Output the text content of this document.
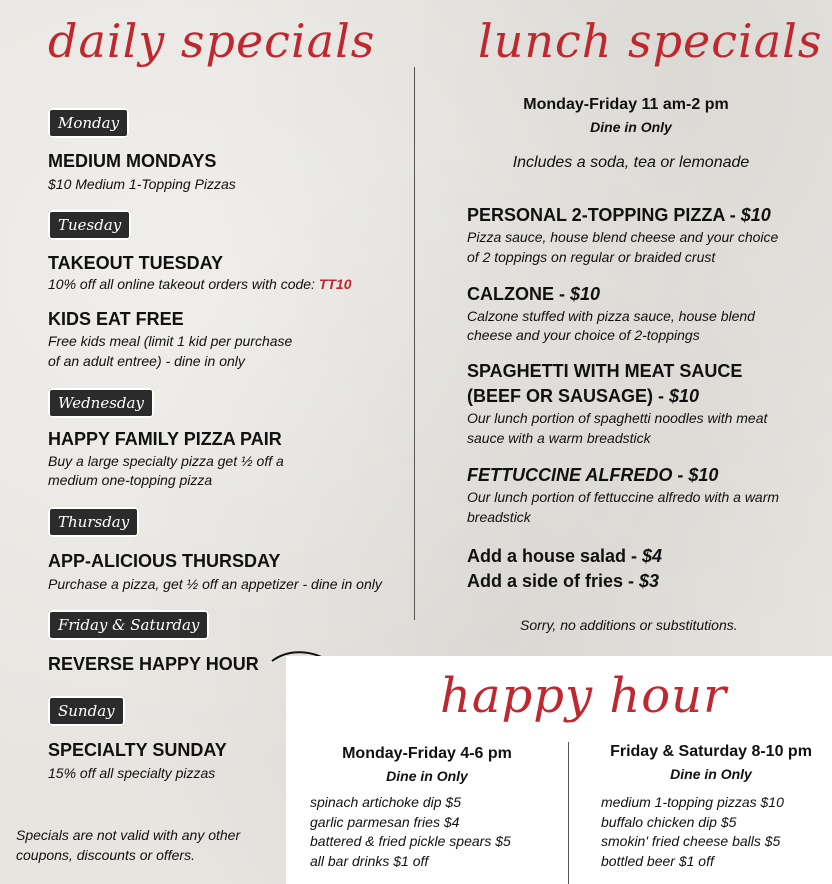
daily specials lunch specials
Monday
MEDIUM MONDAYS
$10 Medium 1-Topping Pizzas
Tuesday
TAKEOUT TUESDAY
10% off all online takeout orders with code: TT10
KIDS EAT FREE
Free kids meal (limit 1 kid per purchase
of an adult entree) - dine in only
Wednesday
HAPPY FAMILY PIZZA PAIR
Buy a large specialty pizza get ½ off a
medium one-topping pizza
Thursday
APP-ALICIOUS THURSDAY
Purchase a pizza, get ½ off an appetizer - dine in only
Friday & Saturday
REVERSE HAPPY HOUR
Sunday
SPECIALTY SUNDAY
15% off all specialty pizzas
Specials are not valid with any other
coupons, discounts or offers.
Monday-Friday 11 am-2 pm
Dine in Only
Includes a soda, tea or lemonade
PERSONAL 2-TOPPING PIZZA - $10
Pizza sauce, house blend cheese and your choice
of 2 toppings on regular or braided crust
CALZONE - $10
Calzone stuffed with pizza sauce, house blend
cheese and your choice of 2-toppings
SPAGHETTI WITH MEAT SAUCE
(BEEF OR SAUSAGE) - $10
Our lunch portion of spaghetti noodles with meat
sauce with a warm breadstick
FETTUCCINE ALFREDO - $10
Our lunch portion of fettuccine alfredo with a warm
breadstick
Add a house salad - $4
Add a side of fries - $3
Sorry, no additions or substitutions.
happy hour
Monday-Friday 4-6 pm
Dine in Only
spinach artichoke dip $5
garlic parmesan fries $4
battered & fried pickle spears $5
all bar drinks $1 off
Friday & Saturday 8-10 pm
Dine in Only
medium 1-topping pizzas $10
buffalo chicken dip $5
smokin' fried cheese balls $5
bottled beer $1 off
